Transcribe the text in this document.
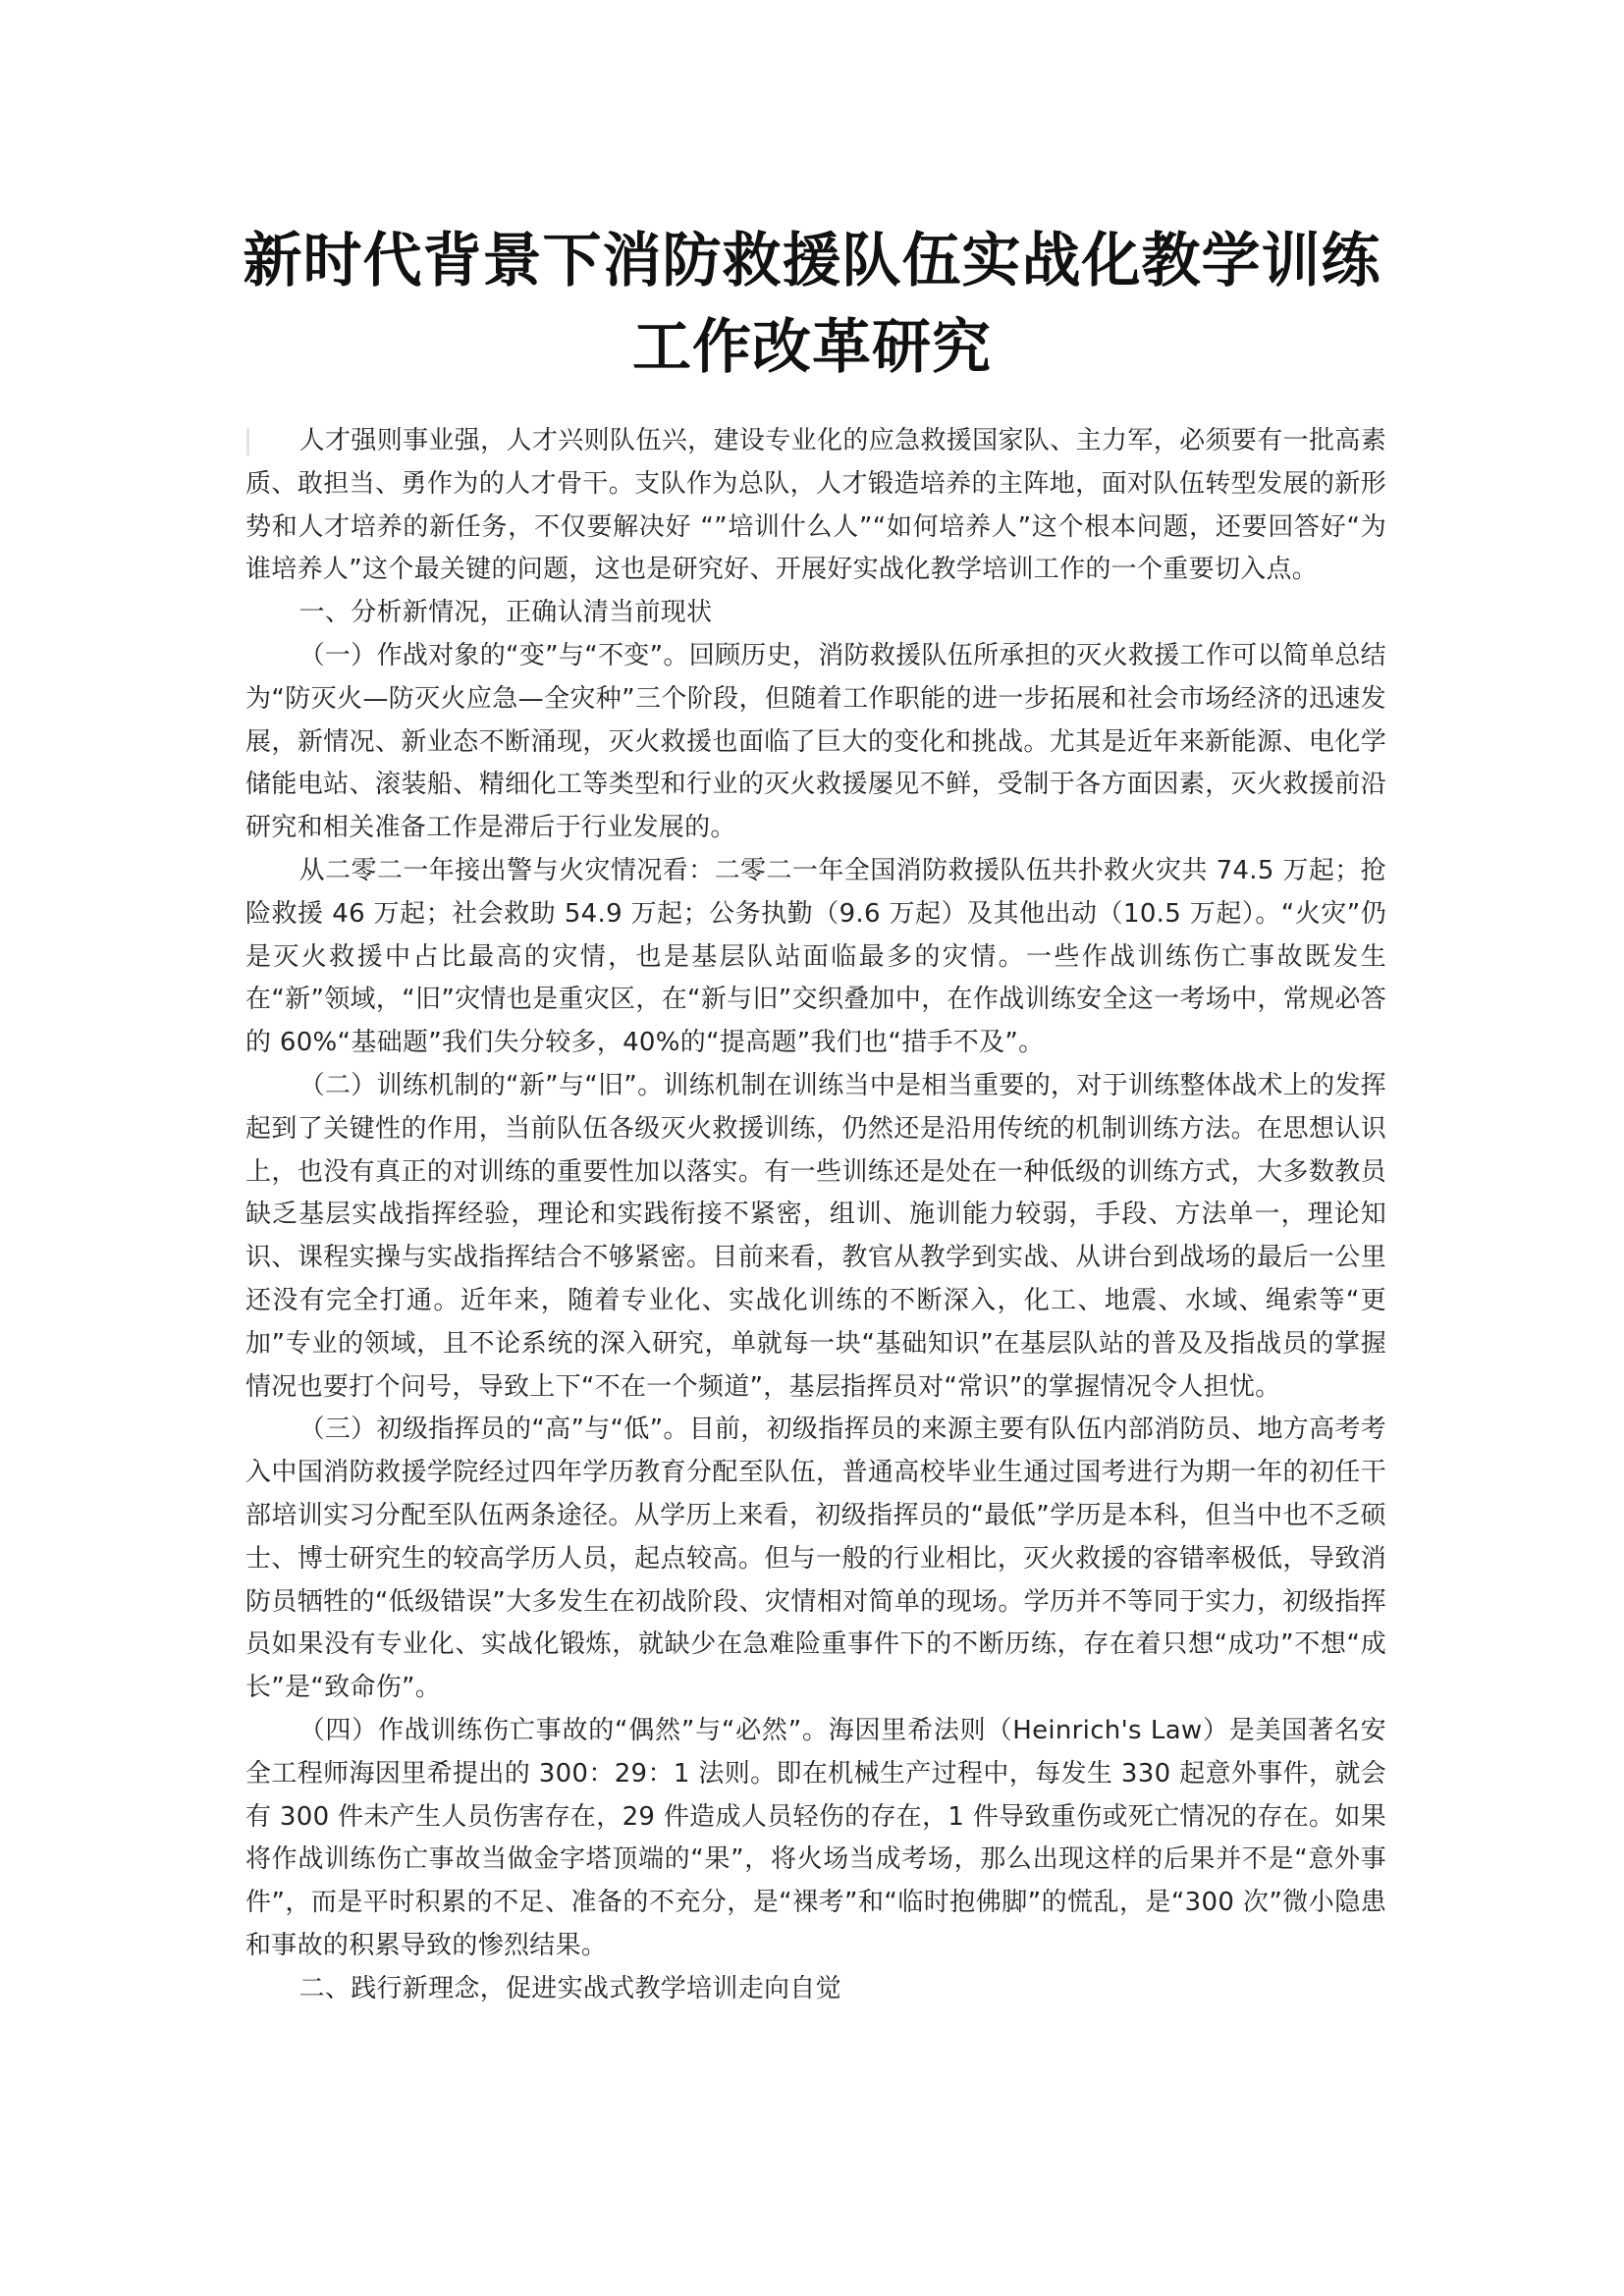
新时代背景下消防救援队伍实战化教学训练
工作改革研究

人才强则事业强，人才兴则队伍兴，建设专业化的应急救援国家队、主力军，必须要有一批高素质、敢担当、勇作为的人才骨干。支队作为总队，人才锻造培养的主阵地，面对队伍转型发展的新形势和人才培养的新任务，不仅要解决好 “”培训什么人”“如何培养人”这个根本问题，还要回答好“为谁培养人”这个最关键的问题，这也是研究好、开展好实战化教学培训工作的一个重要切入点。

一、分析新情况，正确认清当前现状

（一）作战对象的“变”与“不变”。回顾历史，消防救援队伍所承担的灭火救援工作可以简单总结为“防灭火—防灭火应急—全灾种”三个阶段，但随着工作职能的进一步拓展和社会市场经济的迅速发展，新情况、新业态不断涌现，灭火救援也面临了巨大的变化和挑战。尤其是近年来新能源、电化学储能电站、滚装船、精细化工等类型和行业的灭火救援屡见不鲜，受制于各方面因素，灭火救援前沿研究和相关准备工作是滞后于行业发展的。

从二零二一年接出警与火灾情况看：二零二一年全国消防救援队伍共扑救火灾共 74.5 万起；抢险救援 46 万起；社会救助 54.9 万起；公务执勤（9.6 万起）及其他出动（10.5 万起）。“火灾”仍是灭火救援中占比最高的灾情，也是基层队站面临最多的灾情。一些作战训练伤亡事故既发生在“新”领域，“旧”灾情也是重灾区，在“新与旧”交织叠加中，在作战训练安全这一考场中，常规必答的 60%“基础题”我们失分较多，40%的“提高题”我们也“措手不及”。

（二）训练机制的“新”与“旧”。训练机制在训练当中是相当重要的，对于训练整体战术上的发挥起到了关键性的作用，当前队伍各级灭火救援训练，仍然还是沿用传统的机制训练方法。在思想认识上，也没有真正的对训练的重要性加以落实。有一些训练还是处在一种低级的训练方式，大多数教员缺乏基层实战指挥经验，理论和实践衔接不紧密，组训、施训能力较弱，手段、方法单一，理论知识、课程实操与实战指挥结合不够紧密。目前来看，教官从教学到实战、从讲台到战场的最后一公里还没有完全打通。近年来，随着专业化、实战化训练的不断深入，化工、地震、水域、绳索等“更加”专业的领域，且不论系统的深入研究，单就每一块“基础知识”在基层队站的普及及指战员的掌握情况也要打个问号，导致上下“不在一个频道”，基层指挥员对“常识”的掌握情况令人担忧。

（三）初级指挥员的“高”与“低”。目前，初级指挥员的来源主要有队伍内部消防员、地方高考考入中国消防救援学院经过四年学历教育分配至队伍，普通高校毕业生通过国考进行为期一年的初任干部培训实习分配至队伍两条途径。从学历上来看，初级指挥员的“最低”学历是本科，但当中也不乏硕士、博士研究生的较高学历人员，起点较高。但与一般的行业相比，灭火救援的容错率极低，导致消防员牺牲的“低级错误”大多发生在初战阶段、灾情相对简单的现场。学历并不等同于实力，初级指挥员如果没有专业化、实战化锻炼，就缺少在急难险重事件下的不断历练，存在着只想“成功”不想“成长”是“致命伤”。

（四）作战训练伤亡事故的“偶然”与“必然”。海因里希法则（Heinrich's Law）是美国著名安全工程师海因里希提出的 300：29：1 法则。即在机械生产过程中，每发生 330 起意外事件，就会有 300 件未产生人员伤害存在，29 件造成人员轻伤的存在，1 件导致重伤或死亡情况的存在。如果将作战训练伤亡事故当做金字塔顶端的“果”，将火场当成考场，那么出现这样的后果并不是“意外事件”，而是平时积累的不足、准备的不充分，是“裸考”和“临时抱佛脚”的慌乱，是“300 次”微小隐患和事故的积累导致的惨烈结果。

二、践行新理念，促进实战式教学培训走向自觉
